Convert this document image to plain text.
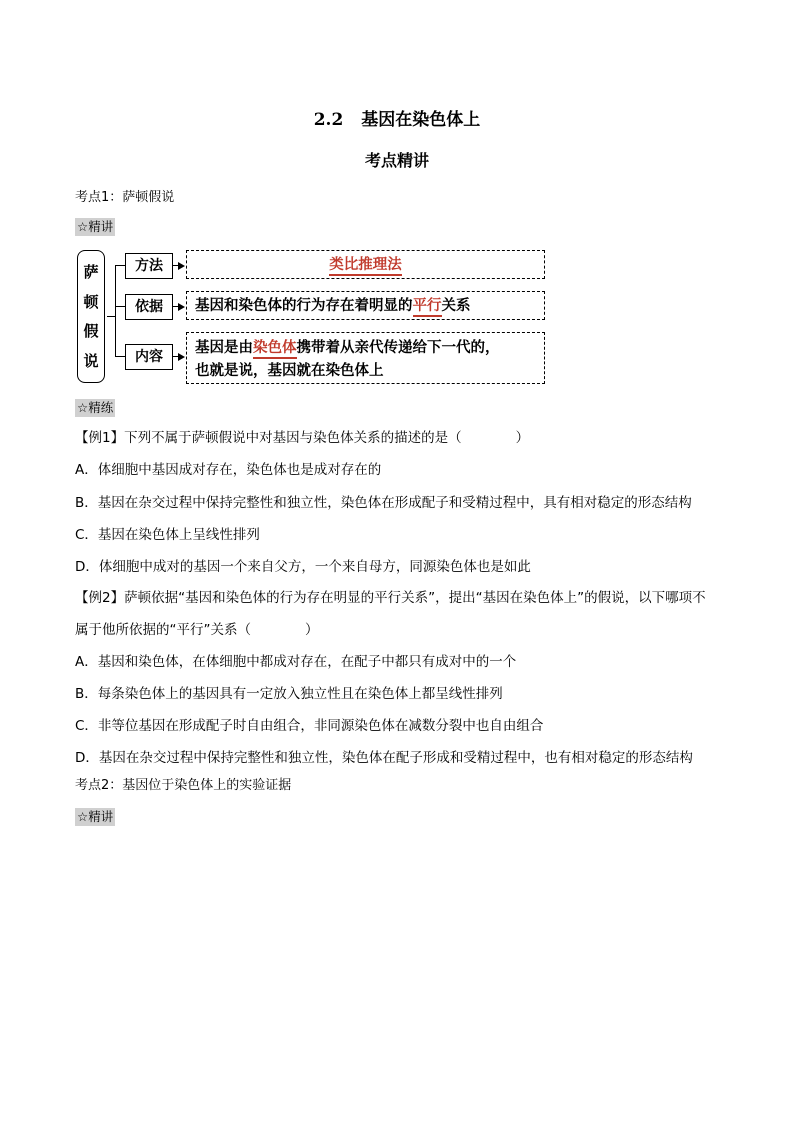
2.2 基因在染色体上
考点精讲
考点1：萨顿假说
☆精讲
萨
顿
假
说
方法	类比推理法
依据	基因和染色体的行为存在着明显的平行关系
内容
基因是由染色体携带着从亲代传递给下一代的，
也就是说，基因就在染色体上
☆精练
【例1】下列不属于萨顿假说中对基因与染色体关系的描述的是（　　　　）
A．体细胞中基因成对存在，染色体也是成对存在的
B．基因在杂交过程中保持完整性和独立性，染色体在形成配子和受精过程中，具有相对稳定的形态结构
C．基因在染色体上呈线性排列
D．体细胞中成对的基因一个来自父方，一个来自母方，同源染色体也是如此
【例2】萨顿依据“基因和染色体的行为存在明显的平行关系”，提出“基因在染色体上”的假说，以下哪项不
属于他所依据的“平行”关系（　　　　）
A．基因和染色体，在体细胞中都成对存在，在配子中都只有成对中的一个
B．每条染色体上的基因具有一定放入独立性且在染色体上都呈线性排列
C．非等位基因在形成配子时自由组合，非同源染色体在减数分裂中也自由组合
D．基因在杂交过程中保持完整性和独立性，染色体在配子形成和受精过程中，也有相对稳定的形态结构
考点2：基因位于染色体上的实验证据
☆精讲
